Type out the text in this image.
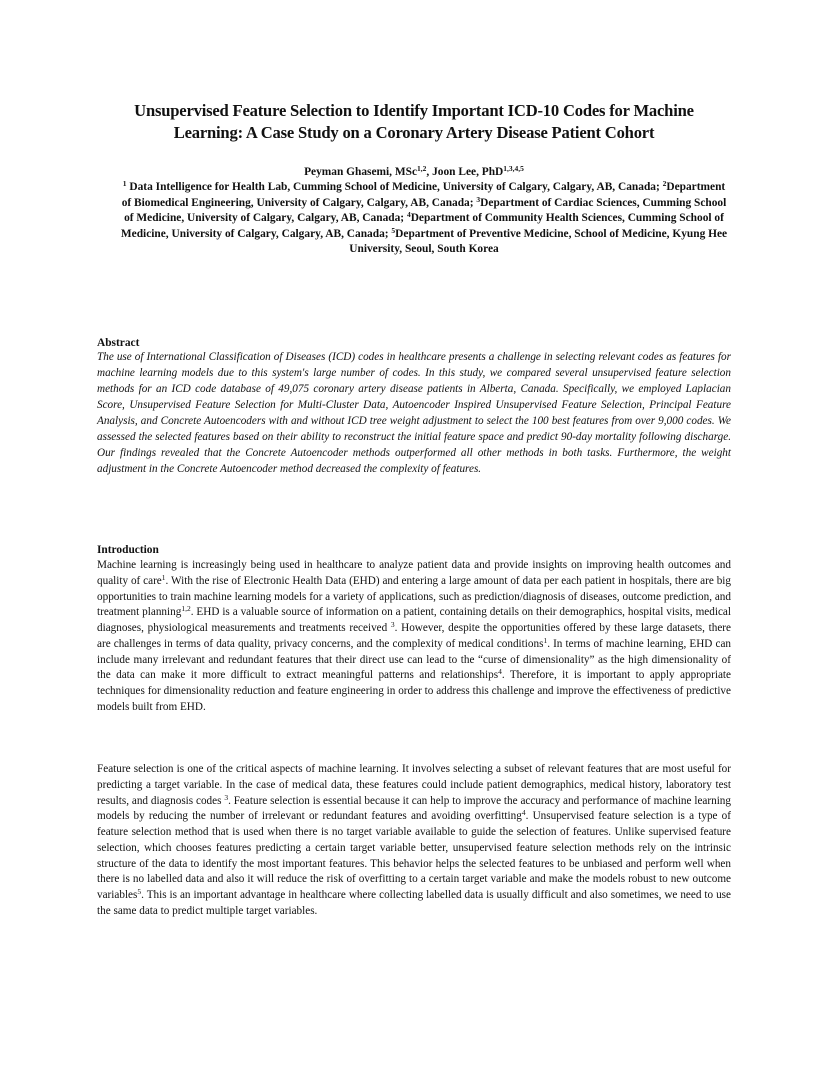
Unsupervised Feature Selection to Identify Important ICD-10 Codes for Machine
Learning: A Case Study on a Coronary Artery Disease Patient Cohort
Peyman Ghasemi, MSc$^{1,2}$, Joon Lee, PhD$^{1,3,4,5}$
$^1$ Data Intelligence for Health Lab, Cumming School of Medicine, University of Calgary, Calgary, AB, Canada; $^2$Department of Biomedical Engineering, University of Calgary, Calgary, AB, Canada; $^3$Department of Cardiac Sciences, Cumming School of Medicine, University of Calgary, Calgary, AB, Canada; $^4$Department of Community Health Sciences, Cumming School of Medicine, University of Calgary, Calgary, AB, Canada; $^5$Department of Preventive Medicine, School of Medicine, Kyung Hee University, Seoul, South Korea
Abstract
The use of International Classification of Diseases (ICD) codes in healthcare presents a challenge in selecting relevant codes as features for machine learning models due to this system's large number of codes. In this study, we compared several unsupervised feature selection methods for an ICD code database of 49,075 coronary artery disease patients in Alberta, Canada. Specifically, we employed Laplacian Score, Unsupervised Feature Selection for Multi-Cluster Data, Autoencoder Inspired Unsupervised Feature Selection, Principal Feature Analysis, and Concrete Autoencoders with and without ICD tree weight adjustment to select the 100 best features from over 9,000 codes. We assessed the selected features based on their ability to reconstruct the initial feature space and predict 90-day mortality following discharge. Our findings revealed that the Concrete Autoencoder methods outperformed all other methods in both tasks. Furthermore, the weight adjustment in the Concrete Autoencoder method decreased the complexity of features.
Introduction
Machine learning is increasingly being used in healthcare to analyze patient data and provide insights on improving health outcomes and quality of care$^1$. With the rise of Electronic Health Data (EHD) and entering a large amount of data per each patient in hospitals, there are big opportunities to train machine learning models for a variety of applications, such as prediction/diagnosis of diseases, outcome prediction, and treatment planning$^{1,2}$. EHD is a valuable source of information on a patient, containing details on their demographics, hospital visits, medical diagnoses, physiological measurements and treatments received $^3$. However, despite the opportunities offered by these large datasets, there are challenges in terms of data quality, privacy concerns, and the complexity of medical conditions$^1$. In terms of machine learning, EHD can include many irrelevant and redundant features that their direct use can lead to the “curse of dimensionality” as the high dimensionality of the data can make it more difficult to extract meaningful patterns and relationships$^4$. Therefore, it is important to apply appropriate techniques for dimensionality reduction and feature engineering in order to address this challenge and improve the effectiveness of predictive models built from EHD.
Feature selection is one of the critical aspects of machine learning. It involves selecting a subset of relevant features that are most useful for predicting a target variable. In the case of medical data, these features could include patient demographics, medical history, laboratory test results, and diagnosis codes $^3$. Feature selection is essential because it can help to improve the accuracy and performance of machine learning models by reducing the number of irrelevant or redundant features and avoiding overfitting$^4$. Unsupervised feature selection is a type of feature selection method that is used when there is no target variable available to guide the selection of features. Unlike supervised feature selection, which chooses features predicting a certain target variable better, unsupervised feature selection methods rely on the intrinsic structure of the data to identify the most important features. This behavior helps the selected features to be unbiased and perform well when there is no labelled data and also it will reduce the risk of overfitting to a certain target variable and make the models robust to new outcome variables$^5$. This is an important advantage in healthcare where collecting labelled data is usually difficult and also sometimes, we need to use the same data to predict multiple target variables.
